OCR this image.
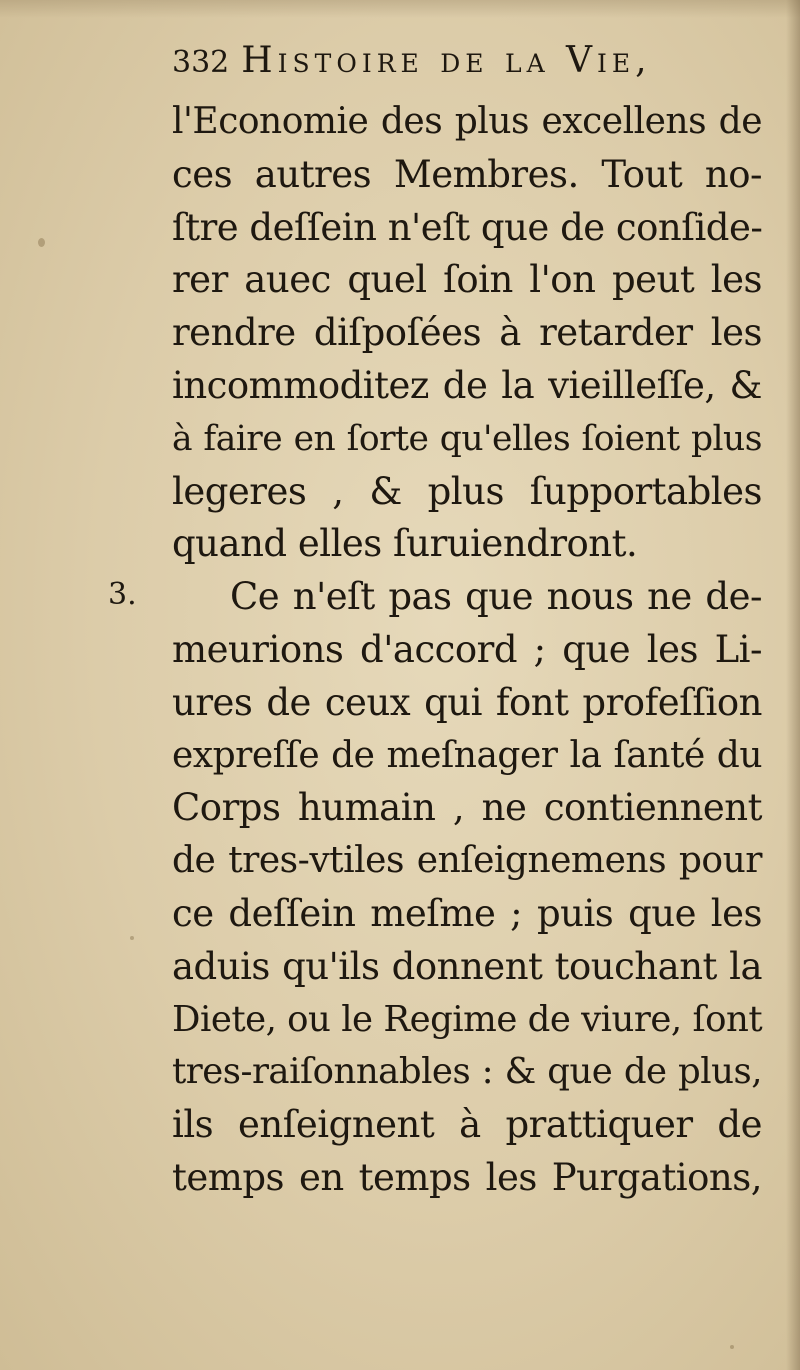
332 Histoire de la Vie,
3.
l'Economie des plus excellens de
ces autres Membres. Tout no-
ſtre deſſein n'eſt que de conſide-
rer auec quel ſoin l'on peut les
rendre diſpoſées à retarder les
incommoditez de la vieilleſſe, &
à faire en ſorte qu'elles ſoient plus
legeres , & plus ſupportables
quand elles ſuruiendront.
Ce n'eſt pas que nous ne de-
meurions d'accord ; que les Li-
ures de ceux qui font profeſſion
expreſſe de meſnager la ſanté du
Corps humain , ne contiennent
de tres-vtiles enſeignemens pour
ce deſſein meſme ; puis que les
aduis qu'ils donnent touchant la
Diete, ou le Regime de viure, ſont
tres-raiſonnables : & que de plus,
ils enſeignent à prattiquer de
temps en temps les Purgations,
